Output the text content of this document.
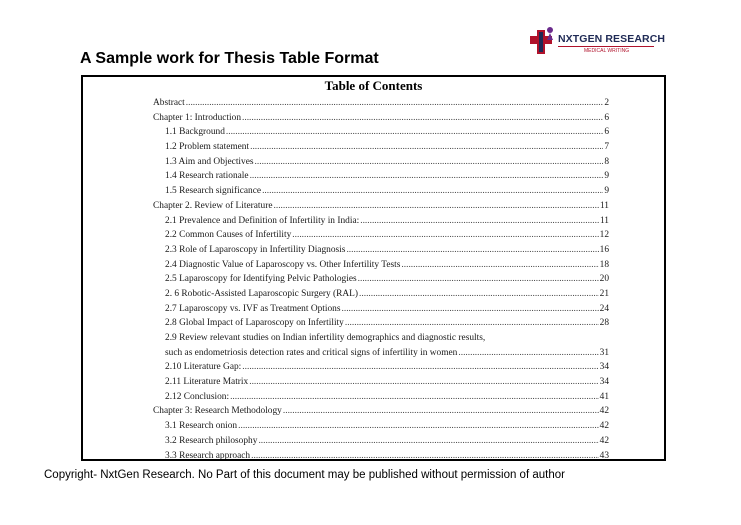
A Sample work for Thesis Table Format
NXTGEN RESEARCH
MEDICAL WRITING
Table of Contents
Abstract .....	2
Chapter 1: Introduction .....	6
1.1 Background .....	6
1.2 Problem statement .....	7
1.3 Aim and Objectives .....	8
1.4 Research rationale .....	9
1.5 Research significance .....	9
Chapter 2. Review of Literature .....	11
2.1 Prevalence and Definition of Infertility in India: .....	11
2.2 Common Causes of Infertility .....	12
2.3 Role of Laparoscopy in Infertility Diagnosis .....	16
2.4 Diagnostic Value of Laparoscopy vs. Other Infertility Tests .....	18
2.5 Laparoscopy for Identifying Pelvic Pathologies .....	20
2. 6 Robotic-Assisted Laparoscopic Surgery (RAL) .....	21
2.7 Laparoscopy vs. IVF as Treatment Options .....	24
2.8 Global Impact of Laparoscopy on Infertility .....	28
2.9 Review relevant studies on Indian infertility demographics and diagnostic results,
such as endometriosis detection rates and critical signs of infertility in women .....	31
2.10 Literature Gap: .....	34
2.11 Literature Matrix .....	34
2.12 Conclusion: .....	41
Chapter 3: Research Methodology .....	42
3.1 Research onion .....	42
3.2 Research philosophy .....	42
3.3 Research approach .....	43
Copyright- NxtGen Research. No Part of this document may be published without permission of author
